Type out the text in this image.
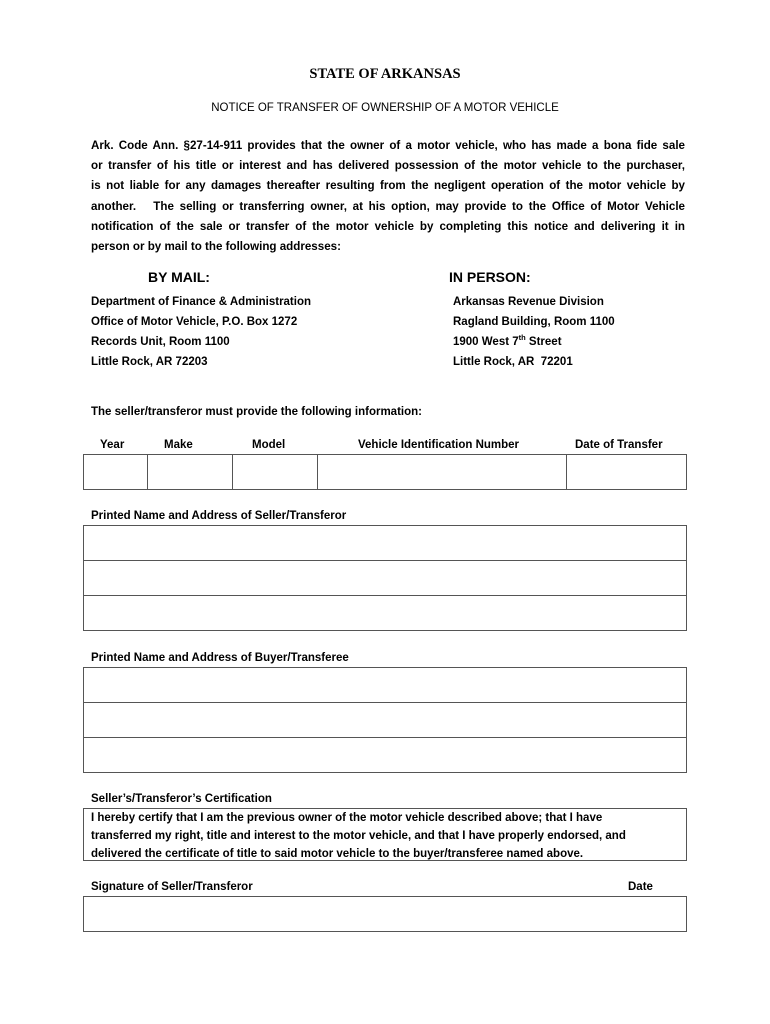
STATE OF ARKANSAS
NOTICE OF TRANSFER OF OWNERSHIP OF A MOTOR VEHICLE
Ark. Code Ann. §27-14-911 provides that the owner of a motor vehicle, who has made a bona fide sale
or transfer of his title or interest and has delivered possession of the motor vehicle to the purchaser,
is not liable for any damages thereafter resulting from the negligent operation of the motor vehicle by
another.   The selling or transferring owner, at his option, may provide to the Office of Motor Vehicle
notification of the sale or transfer of the motor vehicle by completing this notice and delivering it in
person or by mail to the following addresses:
BY MAIL:	IN PERSON:
Department of Finance & Administration
Office of Motor Vehicle, P.O. Box 1272
Records Unit, Room 1100
Little Rock, AR 72203
Arkansas Revenue Division
Ragland Building, Room 1100
1900 West 7th Street
Little Rock, AR  72201
The seller/transferor must provide the following information:
Year	Make	Model	Vehicle Identification Number	Date of Transfer
Printed Name and Address of Seller/Transferor
Printed Name and Address of Buyer/Transferee
Seller’s/Transferor’s Certification
I hereby certify that I am the previous owner of the motor vehicle described above; that I have
transferred my right, title and interest to the motor vehicle, and that I have properly endorsed, and
delivered the certificate of title to said motor vehicle to the buyer/transferee named above.
Signature of Seller/Transferor	Date
